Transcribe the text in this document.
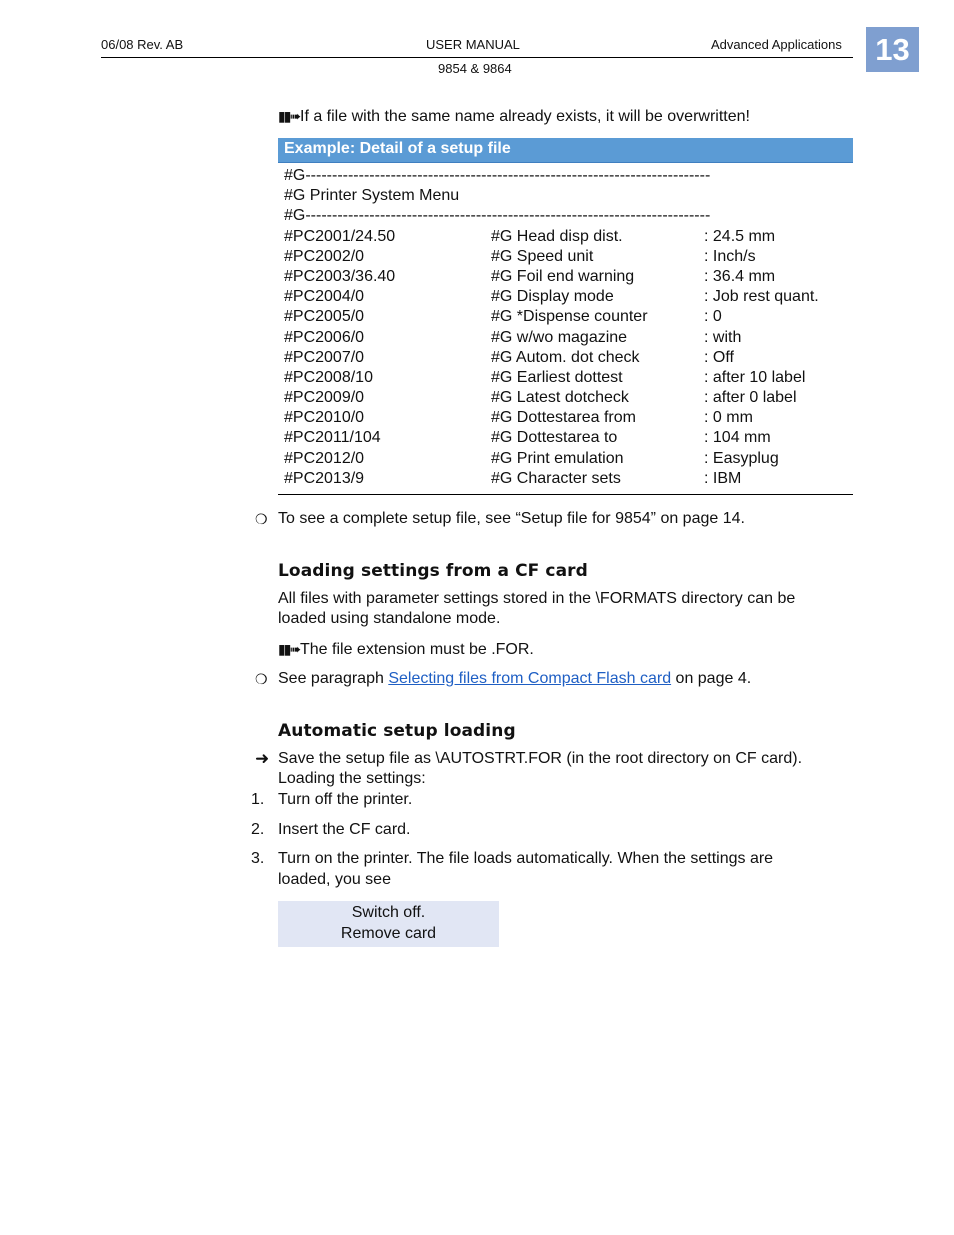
06/08 Rev. AB	USER MANUAL	Advanced Applications
9854 & 9864
13
▮▮➠If a file with the same name already exists, it will be overwritten!
Example: Detail of a setup file
#G----------------------------------------------------------------------------
#G Printer System Menu
#G----------------------------------------------------------------------------
#PC2001/24.50	#G Head disp dist.	: 24.5 mm
#PC2002/0	#G Speed unit	: Inch/s
#PC2003/36.40	#G Foil end warning	: 36.4 mm
#PC2004/0	#G Display mode	: Job rest quant.
#PC2005/0	#G *Dispense counter	: 0
#PC2006/0	#G w/wo magazine	: with
#PC2007/0	#G Autom. dot check	: Off
#PC2008/10	#G Earliest dottest	: after 10 label
#PC2009/0	#G Latest dotcheck	: after 0 label
#PC2010/0	#G Dottestarea from	: 0 mm
#PC2011/104	#G Dottestarea to	: 104 mm
#PC2012/0	#G Print emulation	: Easyplug
#PC2013/9	#G Character sets	: IBM
❍ To see a complete setup file, see “Setup file for 9854” on page 14.
Loading settings from a CF card
All files with parameter settings stored in the \FORMATS directory can be
loaded using standalone mode.
▮▮➠The file extension must be .FOR.
❍ See paragraph Selecting files from Compact Flash card on page 4.
Automatic setup loading
➜ Save the setup file as \AUTOSTRT.FOR (in the root directory on CF card).
Loading the settings:
1. Turn off the printer.
2. Insert the CF card.
3. Turn on the printer. The file loads automatically. When the settings are
loaded, you see
Switch off.
Remove card
